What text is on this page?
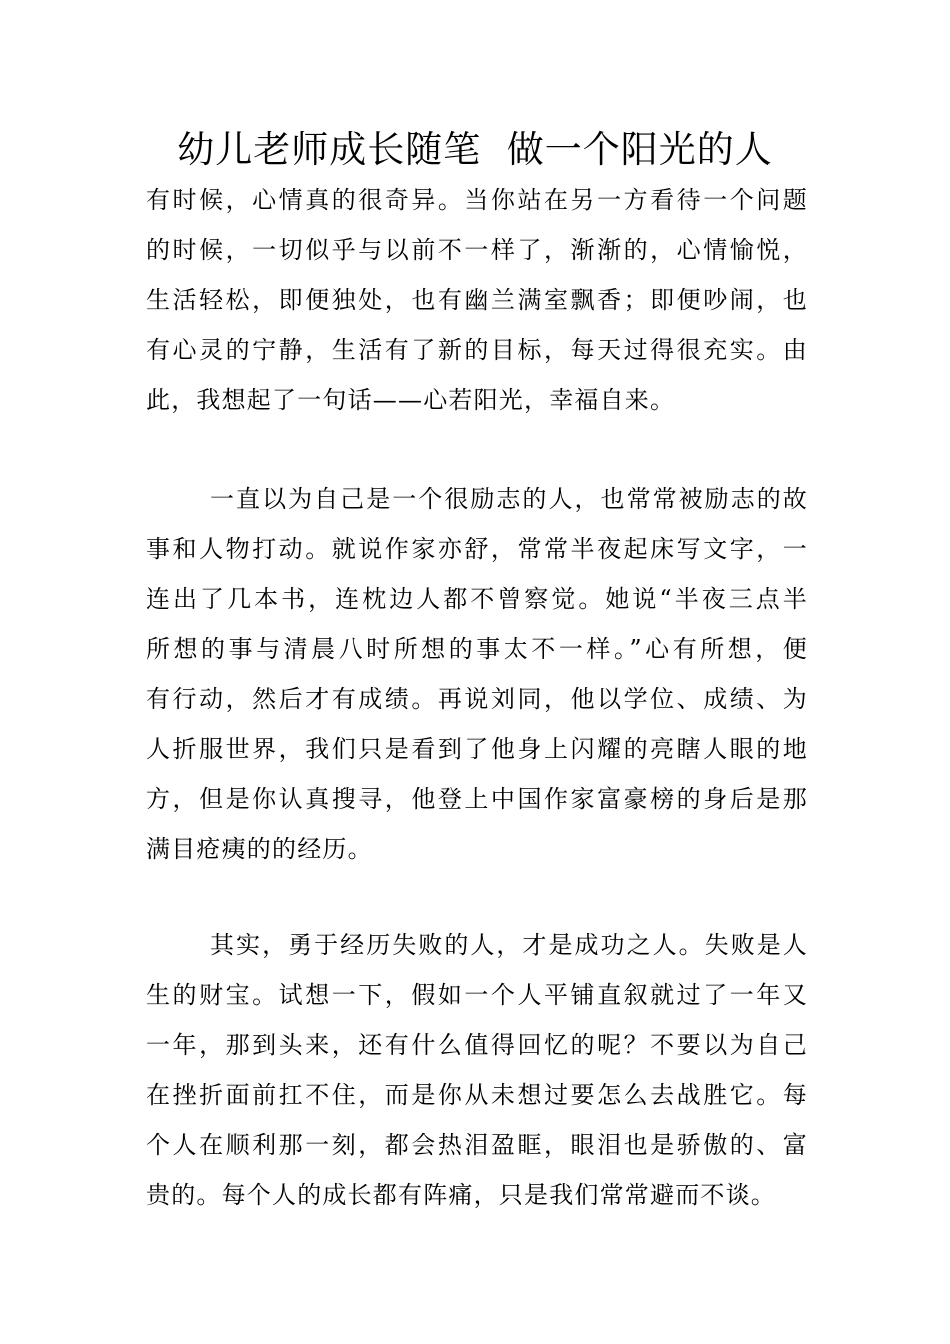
幼儿老师成长随笔  做一个阳光的人
有时候，心情真的很奇异。当你站在另一方看待一个问题
的时候，一切似乎与以前不一样了，渐渐的，心情愉悦，
生活轻松，即便独处，也有幽兰满室飘香；即便吵闹，也
有心灵的宁静，生活有了新的目标，每天过得很充实。由
此，我想起了一句话——心若阳光，幸福自来。
一直以为自己是一个很励志的人，也常常被励志的故
事和人物打动。就说作家亦舒，常常半夜起床写文字，一
连出了几本书，连枕边人都不曾察觉。她说“半夜三点半
所想的事与清晨八时所想的事太不一样。”心有所想，便
有行动，然后才有成绩。再说刘同，他以学位、成绩、为
人折服世界，我们只是看到了他身上闪耀的亮瞎人眼的地
方，但是你认真搜寻，他登上中国作家富豪榜的身后是那
满目疮痍的的经历。
其实，勇于经历失败的人，才是成功之人。失败是人
生的财宝。试想一下，假如一个人平铺直叙就过了一年又
一年，那到头来，还有什么值得回忆的呢？不要以为自己
在挫折面前扛不住，而是你从未想过要怎么去战胜它。每
个人在顺利那一刻，都会热泪盈眶，眼泪也是骄傲的、富
贵的。每个人的成长都有阵痛，只是我们常常避而不谈。
